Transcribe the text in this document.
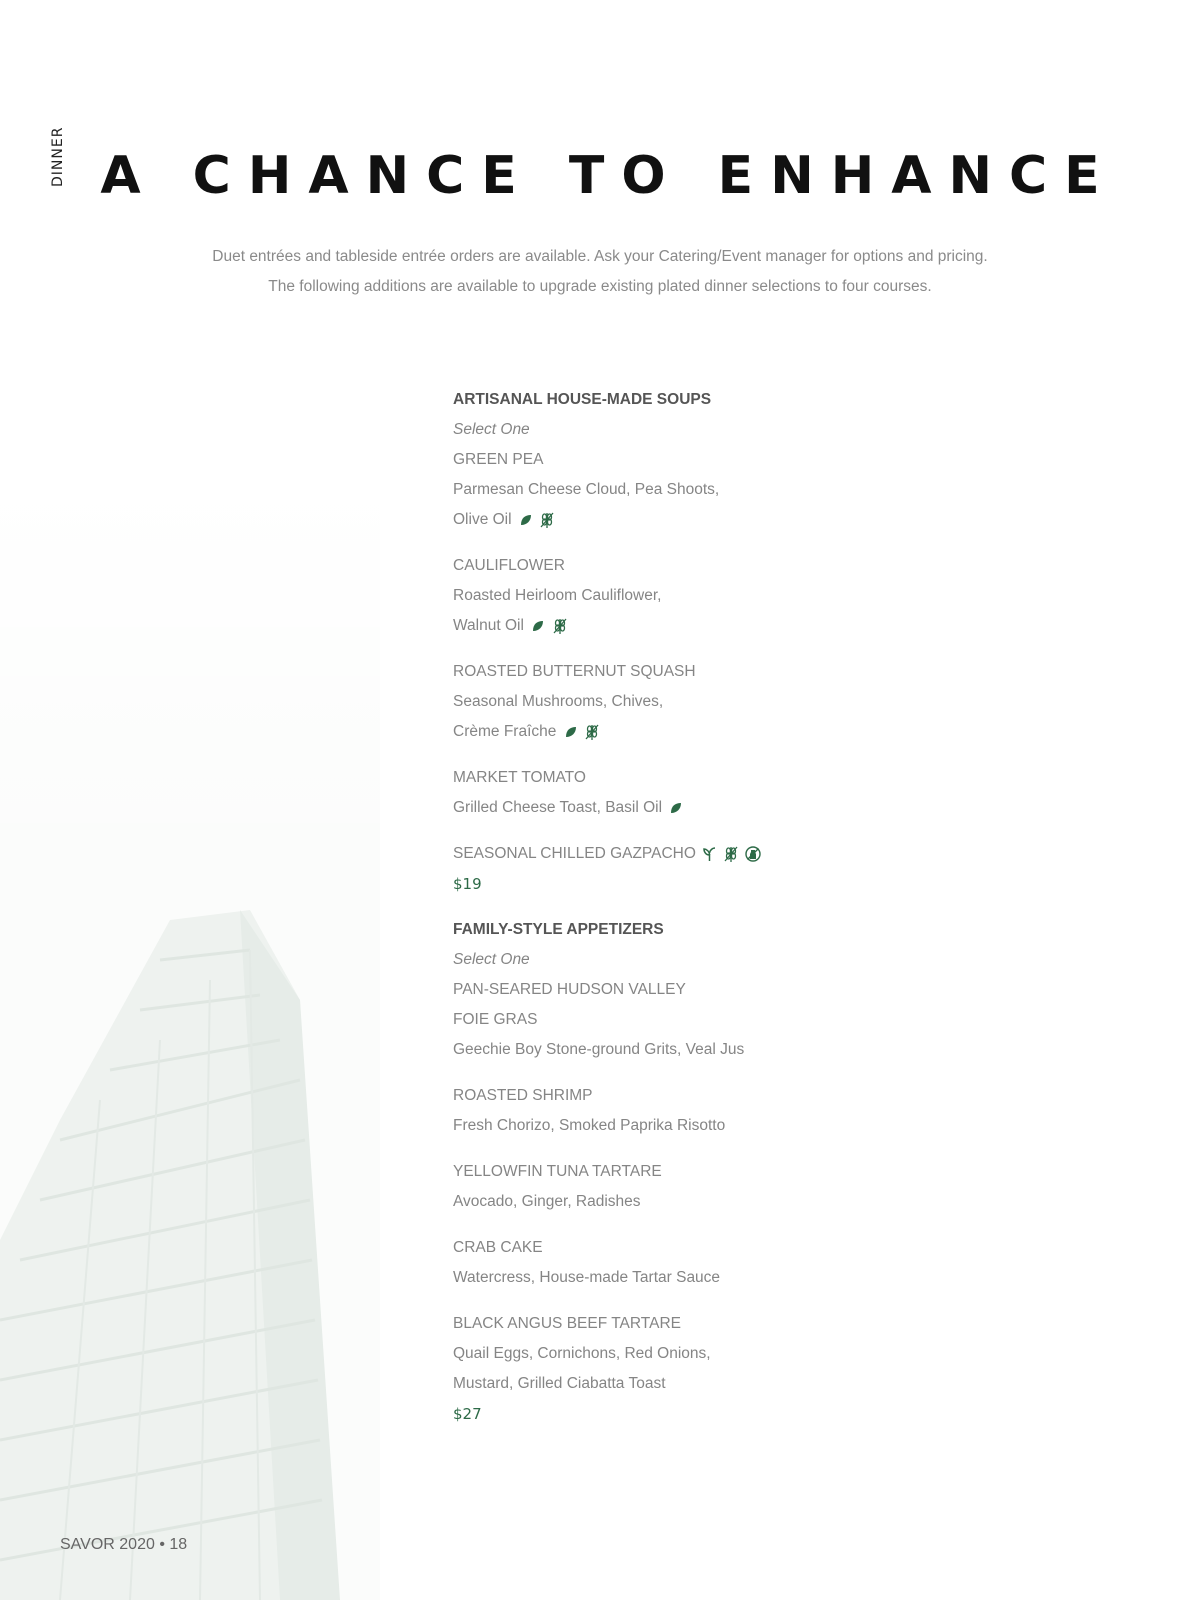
DINNER A CHANCE TO ENHANCE
Duet entrées and tableside entrée orders are available. Ask your Catering/Event manager for options and pricing.
The following additions are available to upgrade existing plated dinner selections to four courses.
ARTISANAL HOUSE-MADE SOUPS
Select One
GREEN PEA
Parmesan Cheese Cloud, Pea Shoots,
Olive Oil
CAULIFLOWER
Roasted Heirloom Cauliflower,
Walnut Oil
ROASTED BUTTERNUT SQUASH
Seasonal Mushrooms, Chives,
Crème Fraîche
MARKET TOMATO
Grilled Cheese Toast, Basil Oil
SEASONAL CHILLED GAZPACHO
$19
FAMILY-STYLE APPETIZERS
Select One
PAN-SEARED HUDSON VALLEY
FOIE GRAS
Geechie Boy Stone-ground Grits, Veal Jus
ROASTED SHRIMP
Fresh Chorizo, Smoked Paprika Risotto
YELLOWFIN TUNA TARTARE
Avocado, Ginger, Radishes
CRAB CAKE
Watercress, House-made Tartar Sauce
BLACK ANGUS BEEF TARTARE
Quail Eggs, Cornichons, Red Onions,
Mustard, Grilled Ciabatta Toast
$27
SAVOR 2020 • 18
